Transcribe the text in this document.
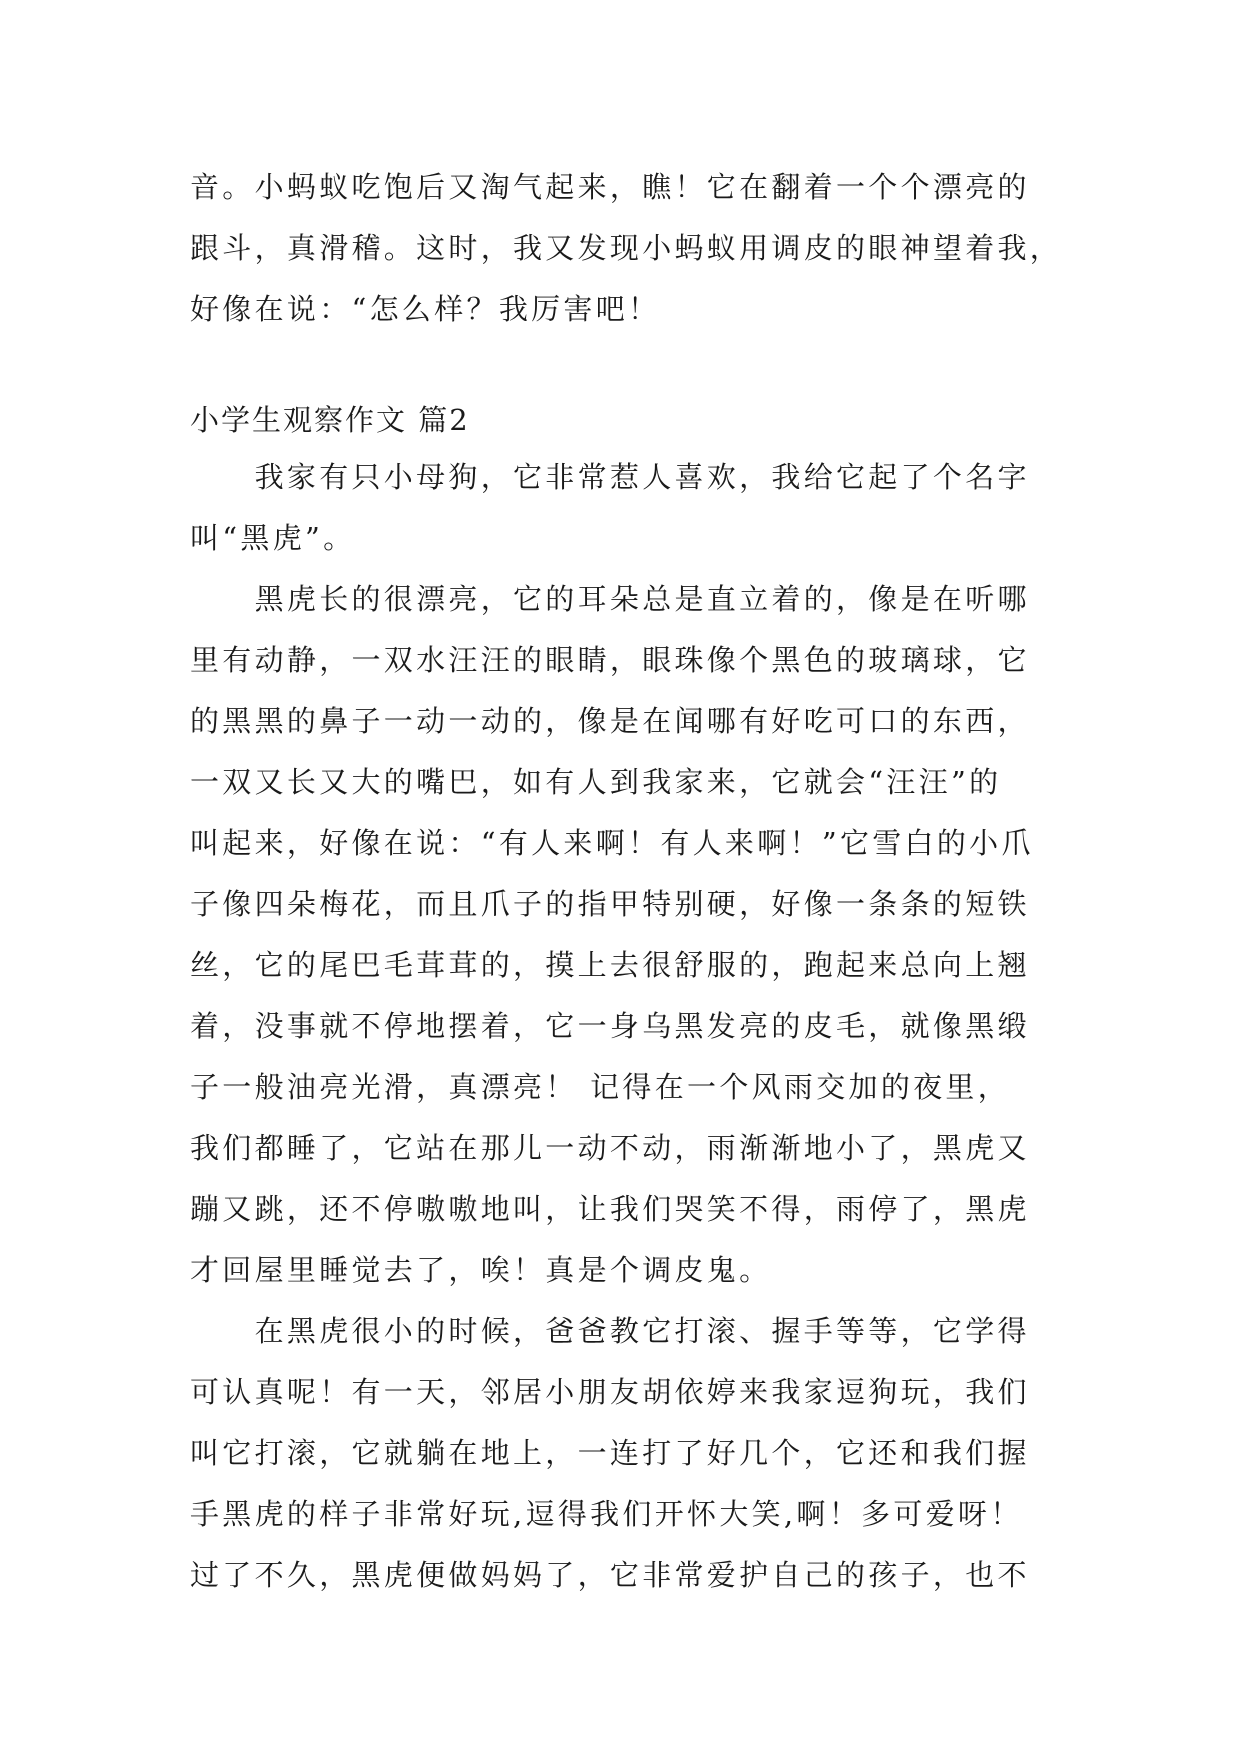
音。小蚂蚁吃饱后又淘气起来，瞧！它在翻着一个个漂亮的
跟斗，真滑稽。这时，我又发现小蚂蚁用调皮的眼神望着我，
好像在说：“怎么样？我厉害吧！
小学生观察作文 篇2
　　我家有只小母狗，它非常惹人喜欢，我给它起了个名字
叫“黑虎”。
　　黑虎长的很漂亮，它的耳朵总是直立着的，像是在听哪
里有动静，一双水汪汪的眼睛，眼珠像个黑色的玻璃球，它
的黑黑的鼻子一动一动的，像是在闻哪有好吃可口的东西，
一双又长又大的嘴巴，如有人到我家来，它就会“汪汪”的
叫起来，好像在说：“有人来啊！有人来啊！”它雪白的小爪
子像四朵梅花，而且爪子的指甲特别硬，好像一条条的短铁
丝，它的尾巴毛茸茸的，摸上去很舒服的，跑起来总向上翘
着，没事就不停地摆着，它一身乌黑发亮的皮毛，就像黑缎
子一般油亮光滑，真漂亮！ 记得在一个风雨交加的夜里，
我们都睡了，它站在那儿一动不动，雨渐渐地小了，黑虎又
蹦又跳，还不停嗷嗷地叫，让我们哭笑不得，雨停了，黑虎
才回屋里睡觉去了，唉！真是个调皮鬼。
　　在黑虎很小的时候，爸爸教它打滚、握手等等，它学得
可认真呢！有一天，邻居小朋友胡依婷来我家逗狗玩，我们
叫它打滚，它就躺在地上，一连打了好几个，它还和我们握
手黑虎的样子非常好玩,逗得我们开怀大笑,啊！多可爱呀！
过了不久，黑虎便做妈妈了，它非常爱护自己的孩子，也不
